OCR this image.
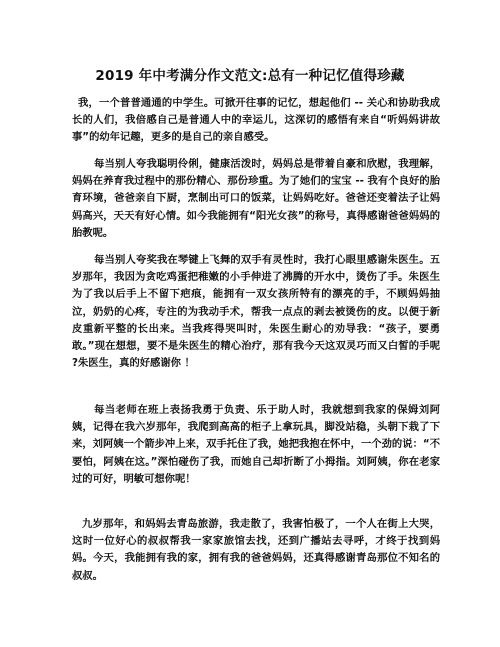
2019 年中考满分作文范文:总有一种记忆值得珍藏

我，一个普普通通的中学生。可掀开往事的记忆，想起他们 -- 关心和协助我成长的人们，我倍感自己是普通人中的幸运儿，这深切的感悟有来自“听妈妈讲故事”的幼年记趣，更多的是自己的亲自感受。

每当别人夸我聪明伶俐，健康活泼时，妈妈总是带着自豪和欣慰，我理解，妈妈在养育我过程中的那份精心、那份珍重。为了她们的宝宝 -- 我有个良好的胎育环境，爸爸亲自下厨，烹制出可口的饭菜，让妈妈吃好。爸爸还变着法子让妈妈高兴，天天有好心情。如今我能拥有“阳光女孩”的称号，真得感谢爸爸妈妈的胎教呢。

每当别人夸奖我在琴键上飞舞的双手有灵性时，我打心眼里感谢朱医生。五岁那年，我因为贪吃鸡蛋把稚嫩的小手伸进了沸腾的开水中，烫伤了手。朱医生为了我以后手上不留下疤痕，能拥有一双女孩所特有的漂亮的手，不顾妈妈抽泣，奶奶的心疼，专注的为我动手术，帮我一点点的剥去被烫伤的皮。以便于新皮重新平整的长出来。当我疼得哭叫时，朱医生耐心的劝导我：“孩子，要勇敢。”现在想想，要不是朱医生的精心治疗，那有我今天这双灵巧而又白皙的手呢 ?朱医生，真的好感谢你 ！

每当老师在班上表扬我勇于负责、乐于助人时，我就想到我家的保姆刘阿姨，记得在我六岁那年，我爬到高高的柜子上拿玩具，脚没站稳，头朝下栽了下来，刘阿姨一个箭步冲上来，双手托住了我，她把我抱在怀中，一个劲的说：“不要怕，阿姨在这。”深怕碰伤了我，而她自己却折断了小拇指。刘阿姨，你在老家过的可好，明敏可想你呢！

九岁那年，和妈妈去青岛旅游，我走散了，我害怕极了，一个人在街上大哭，这时一位好心的叔叔帮我一家家旅馆去找，还到广播站去寻呼，才终于找到妈妈。今天，我能拥有我的家，拥有我的爸爸妈妈，还真得感谢青岛那位不知名的叔叔。
